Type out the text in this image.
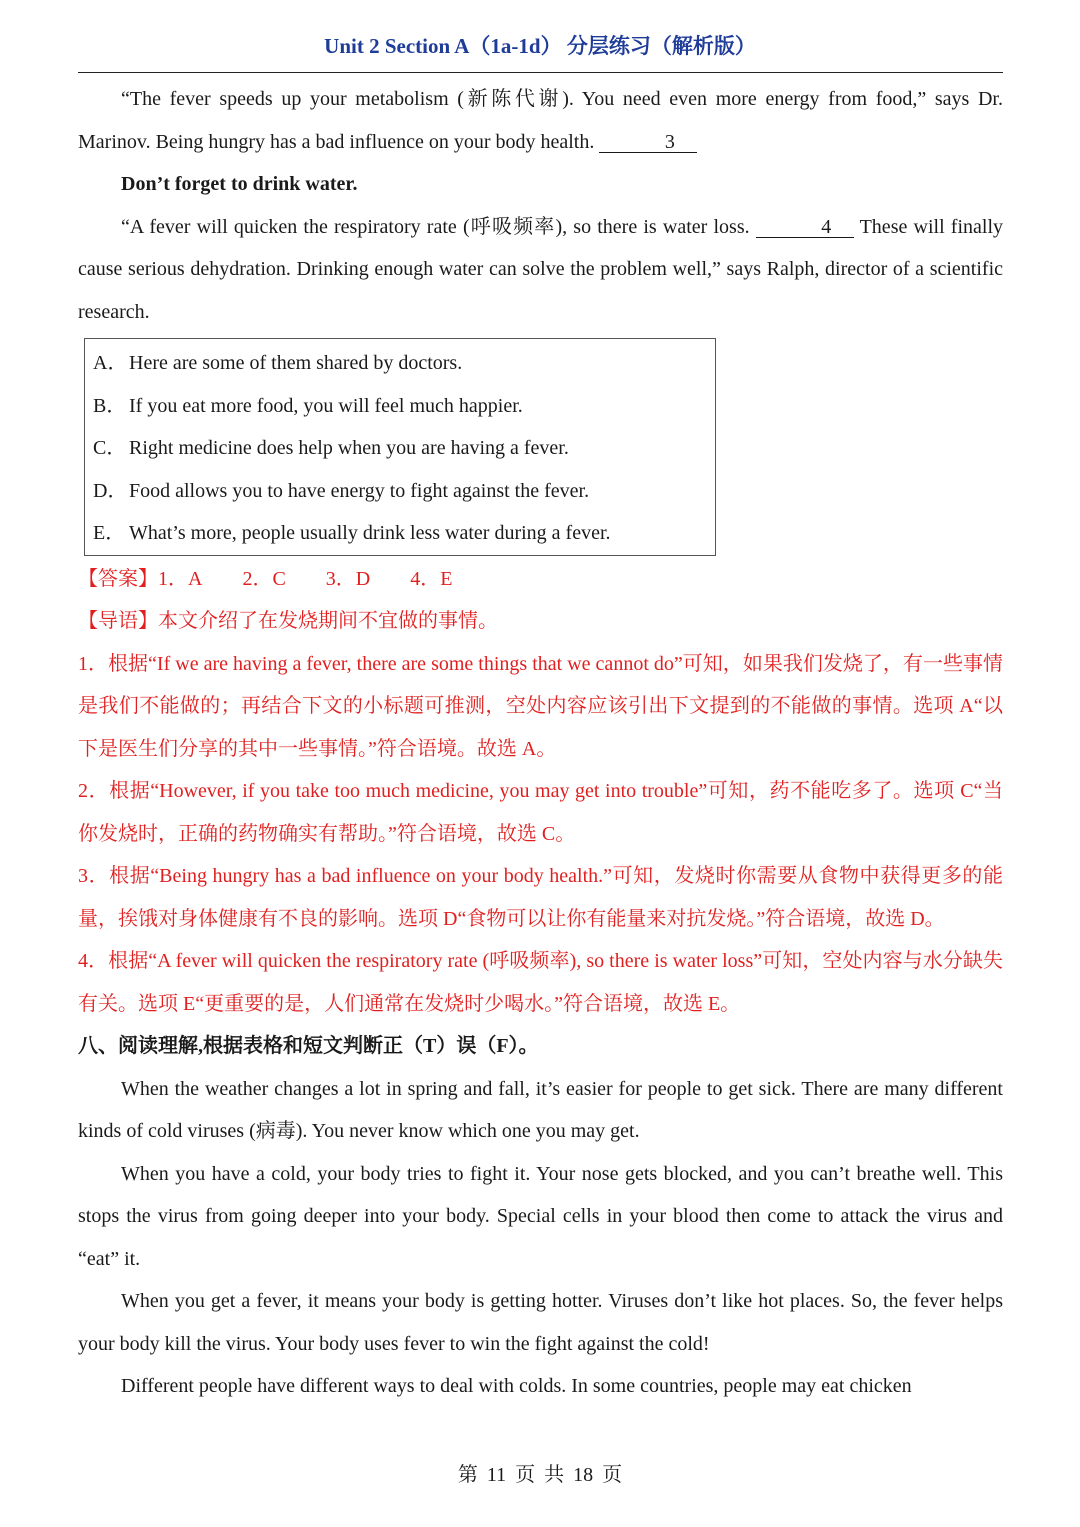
Unit 2 Section A（1a-1d） 分层练习（解析版）

“The fever speeds up your metabolism (新陈代谢). You need even more energy from food,” says Dr. Marinov. Being hungry has a bad influence on your body health.	3

Don’t forget to drink water.

“A fever will quicken the respiratory rate (呼吸频率), so there is water loss.	4 These will finally cause serious dehydration. Drinking enough water can solve the problem well,” says Ralph, director of a scientific research.

A．Here are some of them shared by doctors.
B． If you eat more food, you will feel much happier.
C． Right medicine does help when you are having a fever.
D．Food allows you to have energy to fight against the fever.
E． What’s more, people usually drink less water during a fever.

【答案】1．A 2．C 3．D 4．E

【导语】本文介绍了在发烧期间不宜做的事情。

1．根据“If we are having a fever, there are some things that we cannot do”可知，如果我们发烧了，有一些事情是我们不能做的；再结合下文的小标题可推测，空处内容应该引出下文提到的不能做的事情。选项 A“以下是医生们分享的其中一些事情。”符合语境。故选 A。

2．根据“However, if you take too much medicine, you may get into trouble”可知，药不能吃多了。选项 C“当你发烧时，正确的药物确实有帮助。”符合语境，故选 C。

3．根据“Being hungry has a bad influence on your body health.”可知，发烧时你需要从食物中获得更多的能量，挨饿对身体健康有不良的影响。选项 D“食物可以让你有能量来对抗发烧。”符合语境，故选 D。

4．根据“A fever will quicken the respiratory rate (呼吸频率), so there is water loss”可知，空处内容与水分缺失有关。选项 E“更重要的是，人们通常在发烧时少喝水。”符合语境，故选 E。

八、阅读理解,根据表格和短文判断正（T）误（F）。

When the weather changes a lot in spring and fall, it’s easier for people to get sick. There are many different kinds of cold viruses (病毒). You never know which one you may get.

When you have a cold, your body tries to fight it. Your nose gets blocked, and you can’t breathe well. This stops the virus from going deeper into your body. Special cells in your blood then come to attack the virus and “eat” it.

When you get a fever, it means your body is getting hotter. Viruses don’t like hot places. So, the fever helps your body kill the virus. Your body uses fever to win the fight against the cold!

Different people have different ways to deal with colds. In some countries, people may eat chicken

第 11 页 共 18 页
